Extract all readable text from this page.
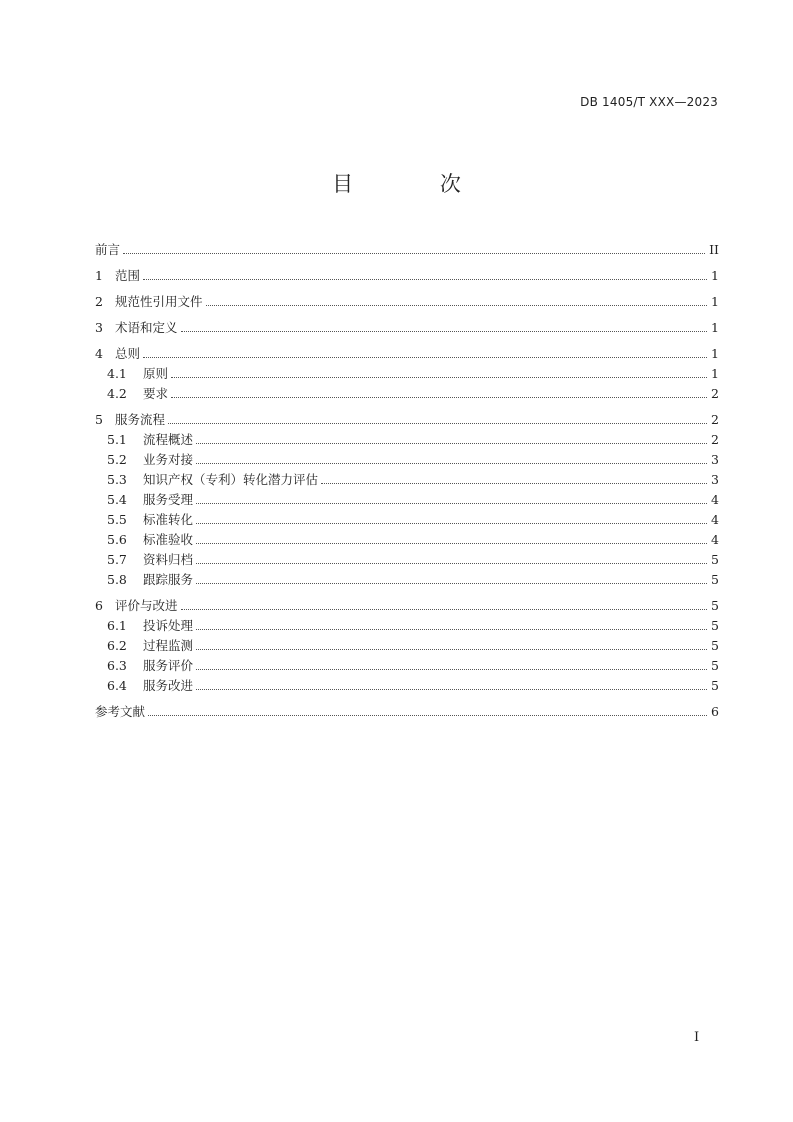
DB 1405/T XXX—2023
目 次
前言	II
1 范围	1
2 规范性引用文件	1
3 术语和定义	1
4 总则	1
4.1	原则	1
4.2	要求	2
5 服务流程	2
5.1	流程概述	2
5.2	业务对接	3
5.3	知识产权（专利）转化潜力评估	3
5.4	服务受理	4
5.5	标准转化	4
5.6	标准验收	4
5.7	资料归档	5
5.8	跟踪服务	5
6 评价与改进	5
6.1	投诉处理	5
6.2	过程监测	5
6.3	服务评价	5
6.4	服务改进	5
参考文献	6
I
